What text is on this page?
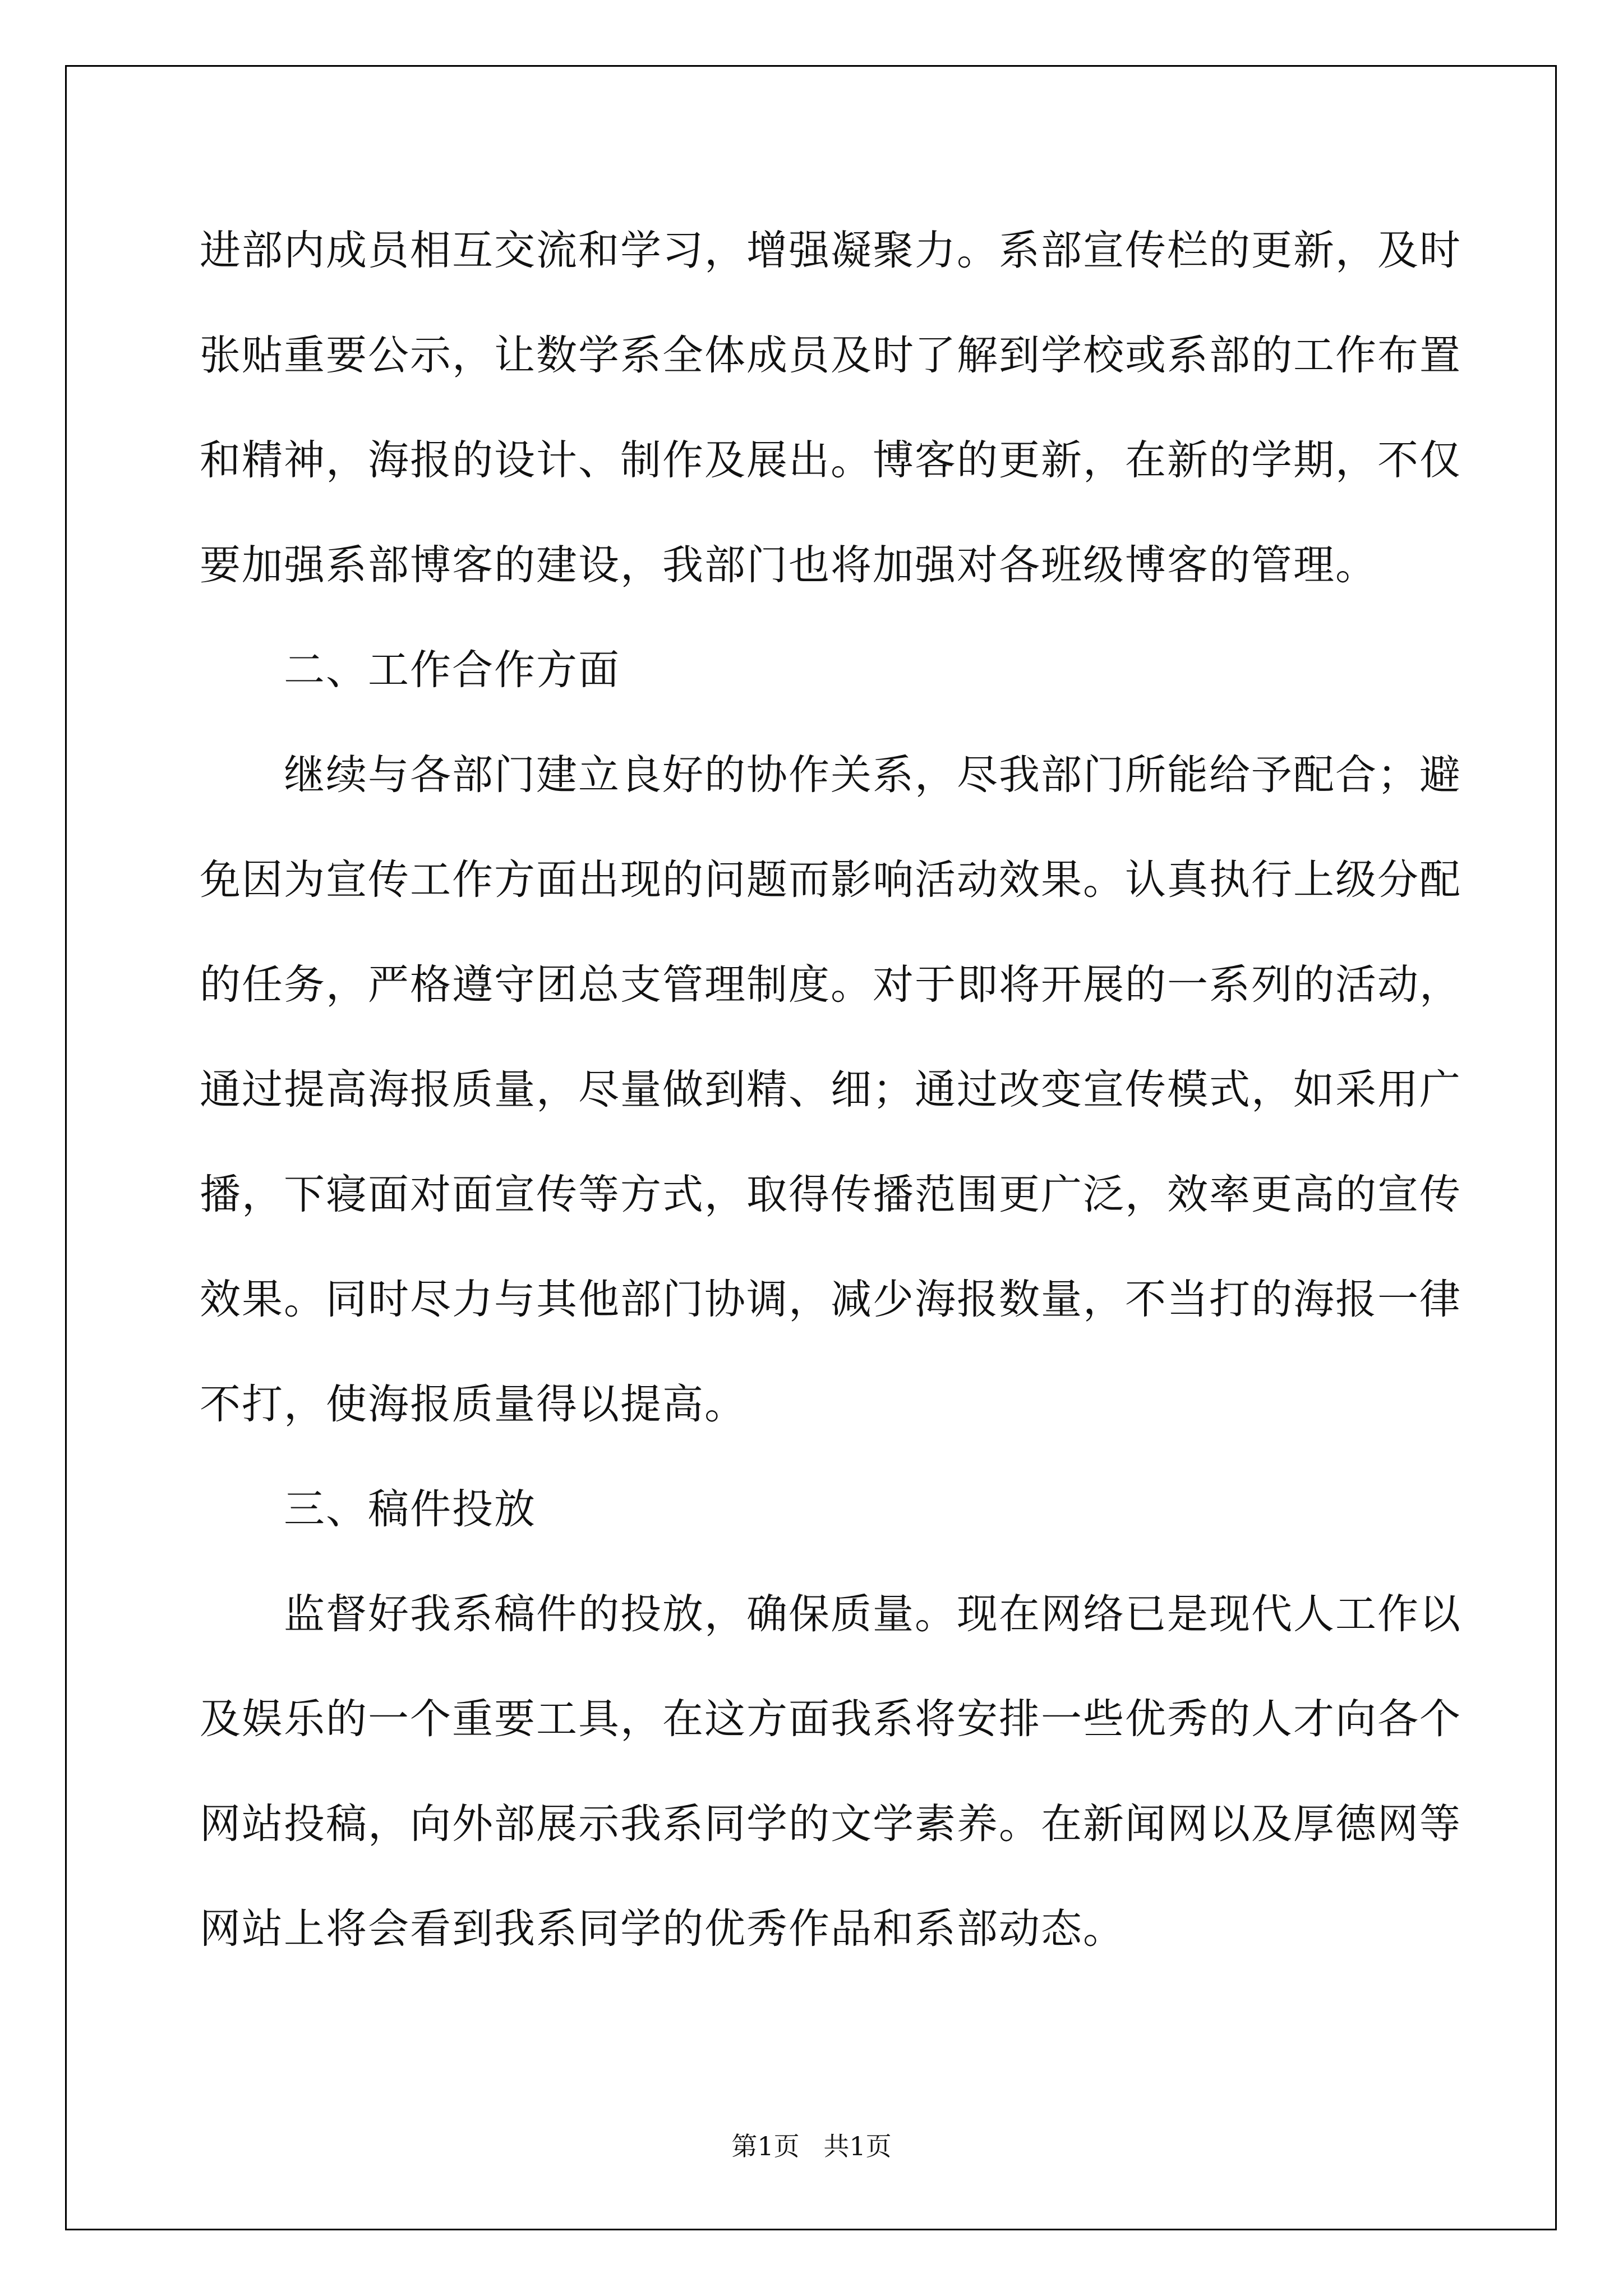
进部内成员相互交流和学习，增强凝聚力。系部宣传栏的更新，及时
张贴重要公示，让数学系全体成员及时了解到学校或系部的工作布置
和精神，海报的设计、制作及展出。博客的更新，在新的学期，不仅
要加强系部博客的建设，我部门也将加强对各班级博客的管理。
二、工作合作方面
继续与各部门建立良好的协作关系，尽我部门所能给予配合；避
免因为宣传工作方面出现的问题而影响活动效果。认真执行上级分配
的任务，严格遵守团总支管理制度。对于即将开展的一系列的活动，
通过提高海报质量，尽量做到精、细；通过改变宣传模式，如采用广
播，下寝面对面宣传等方式，取得传播范围更广泛，效率更高的宣传
效果。同时尽力与其他部门协调，减少海报数量，不当打的海报一律
不打，使海报质量得以提高。
三、稿件投放
监督好我系稿件的投放，确保质量。现在网络已是现代人工作以
及娱乐的一个重要工具，在这方面我系将安排一些优秀的人才向各个
网站投稿，向外部展示我系同学的文学素养。在新闻网以及厚德网等
网站上将会看到我系同学的优秀作品和系部动态。
第1页 共1页
